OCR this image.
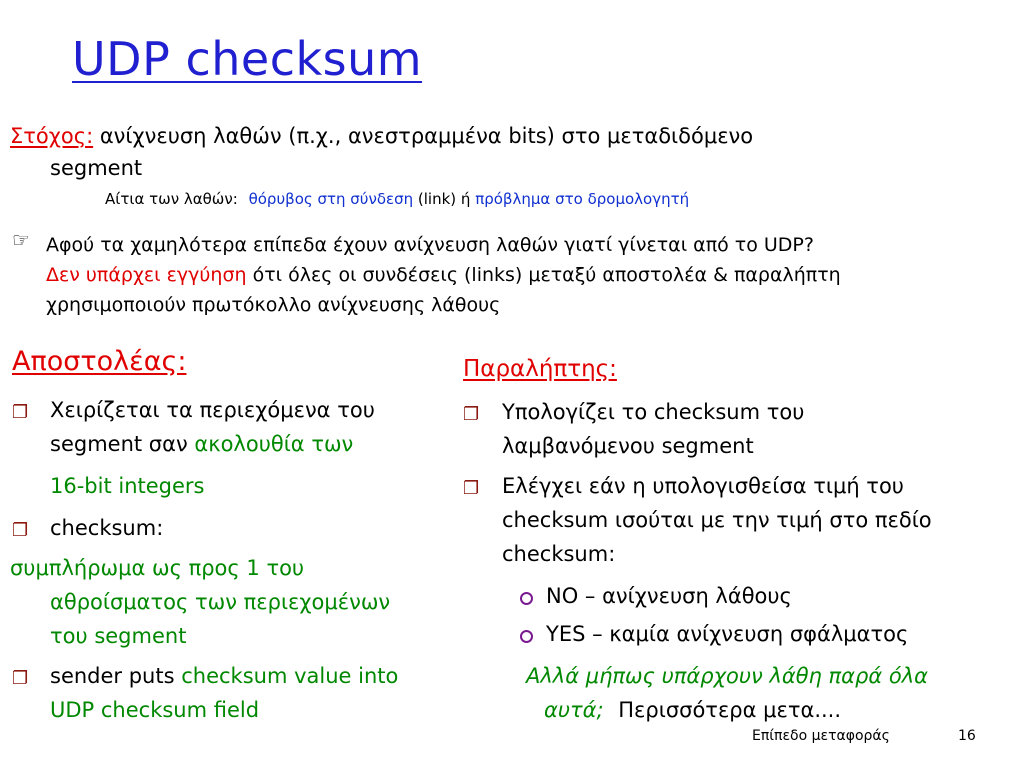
UDP checksum
Στόχος: ανίχνευση λαθών (π.χ., ανεστραμμένα bits) στο μεταδιδόμενο
segment
Αίτια των λαθών: θόρυβος στη σύνδεση (link) ή πρόβλημα στο δρομολογητή
☞ Αφού τα χαμηλότερα επίπεδα έχουν ανίχνευση λαθών γιατί γίνεται από το UDP?
Δεν υπάρχει εγγύηση ότι όλες οι συνδέσεις (links) μεταξύ αποστολέα & παραλήπτη
χρησιμοποιούν πρωτόκολλο ανίχνευσης λάθους
Αποστολέας:
❐ Χειρίζεται τα περιεχόμενα του
segment σαν ακολουθία των
16-bit integers
❐ checksum:
συμπλήρωμα ως προς 1 του
αθροίσματος των περιεχομένων
του segment
❐ sender puts checksum value into
UDP checksum field
Παραλήπτης:
❐ Υπολογίζει το checksum του
λαμβανόμενου segment
❐ Ελέγχει εάν η υπολογισθείσα τιμή του
checksum ισούται με την τιμή στο πεδίο
checksum:
NO – ανίχνευση λάθους
YES – καμία ανίχνευση σφάλματος
Αλλά μήπως υπάρχουν λάθη παρά όλα
αυτά; Περισσότερα μετα....
Επίπεδο μεταφοράς	16
